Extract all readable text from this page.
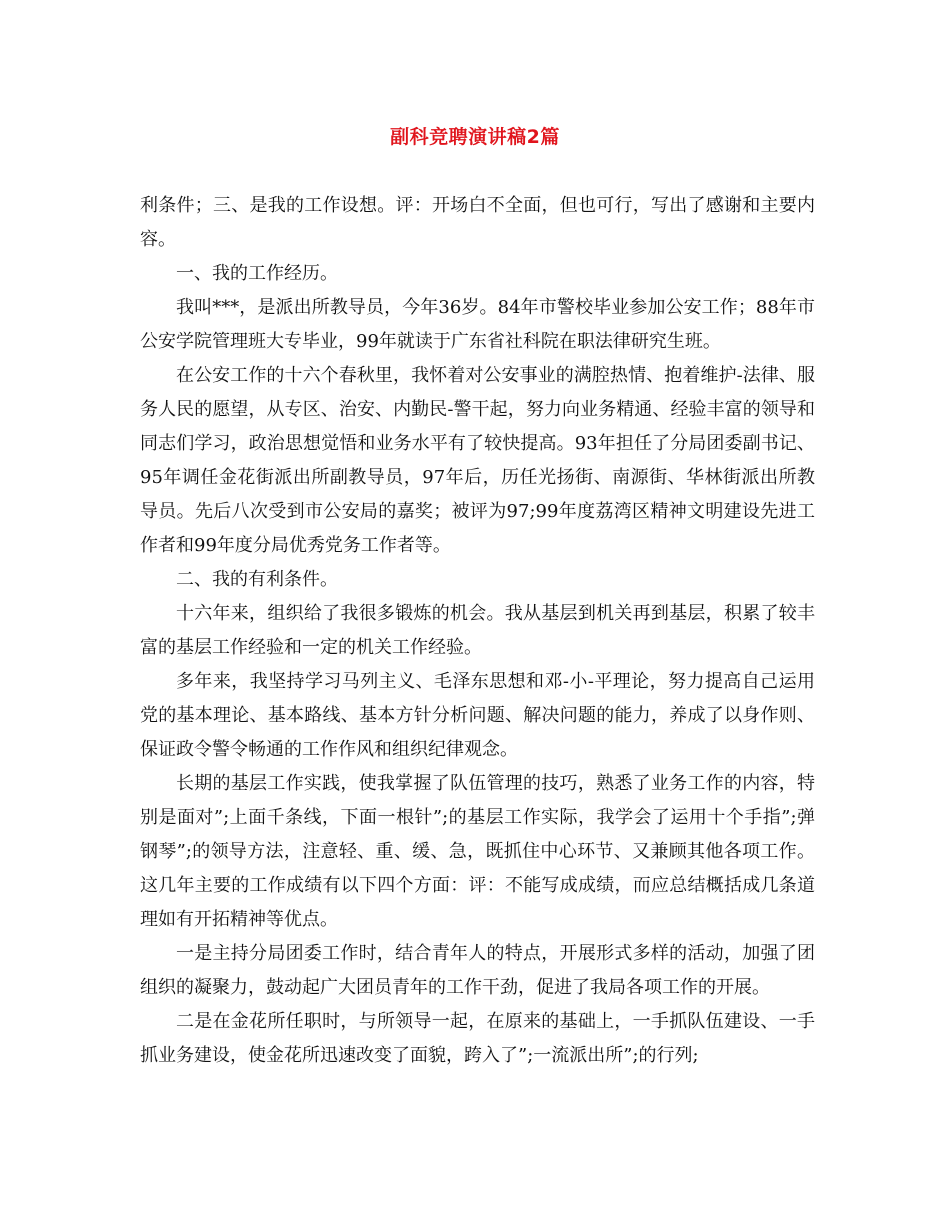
副科竞聘演讲稿2篇

利条件；三、是我的工作设想。评：开场白不全面，但也可行，写出了感谢和主要内容。

一、我的工作经历。

我叫***，是派出所教导员，今年36岁。84年市警校毕业参加公安工作；88年市公安学院管理班大专毕业，99年就读于广东省社科院在职法律研究生班。

在公安工作的十六个春秋里，我怀着对公安事业的满腔热情、抱着维护-法律、服务人民的愿望，从专区、治安、内勤民-警干起，努力向业务精通、经验丰富的领导和同志们学习，政治思想觉悟和业务水平有了较快提高。93年担任了分局团委副书记、95年调任金花街派出所副教导员，97年后，历任光扬街、南源街、华林街派出所教导员。先后八次受到市公安局的嘉奖；被评为97;99年度荔湾区精神文明建设先进工作者和99年度分局优秀党务工作者等。

二、我的有利条件。

十六年来，组织给了我很多锻炼的机会。我从基层到机关再到基层，积累了较丰富的基层工作经验和一定的机关工作经验。

多年来，我坚持学习马列主义、毛泽东思想和邓-小-平理论，努力提高自己运用党的基本理论、基本路线、基本方针分析问题、解决问题的能力，养成了以身作则、保证政令警令畅通的工作作风和组织纪律观念。

长期的基层工作实践，使我掌握了队伍管理的技巧，熟悉了业务工作的内容，特别是面对”;上面千条线，下面一根针”;的基层工作实际，我学会了运用十个手指”;弹钢琴”;的领导方法，注意轻、重、缓、急，既抓住中心环节、又兼顾其他各项工作。这几年主要的工作成绩有以下四个方面：评：不能写成成绩，而应总结概括成几条道理如有开拓精神等优点。

一是主持分局团委工作时，结合青年人的特点，开展形式多样的活动，加强了团组织的凝聚力，鼓动起广大团员青年的工作干劲，促进了我局各项工作的开展。

二是在金花所任职时，与所领导一起，在原来的基础上，一手抓队伍建设、一手抓业务建设，使金花所迅速改变了面貌，跨入了”;一流派出所”;的行列;
